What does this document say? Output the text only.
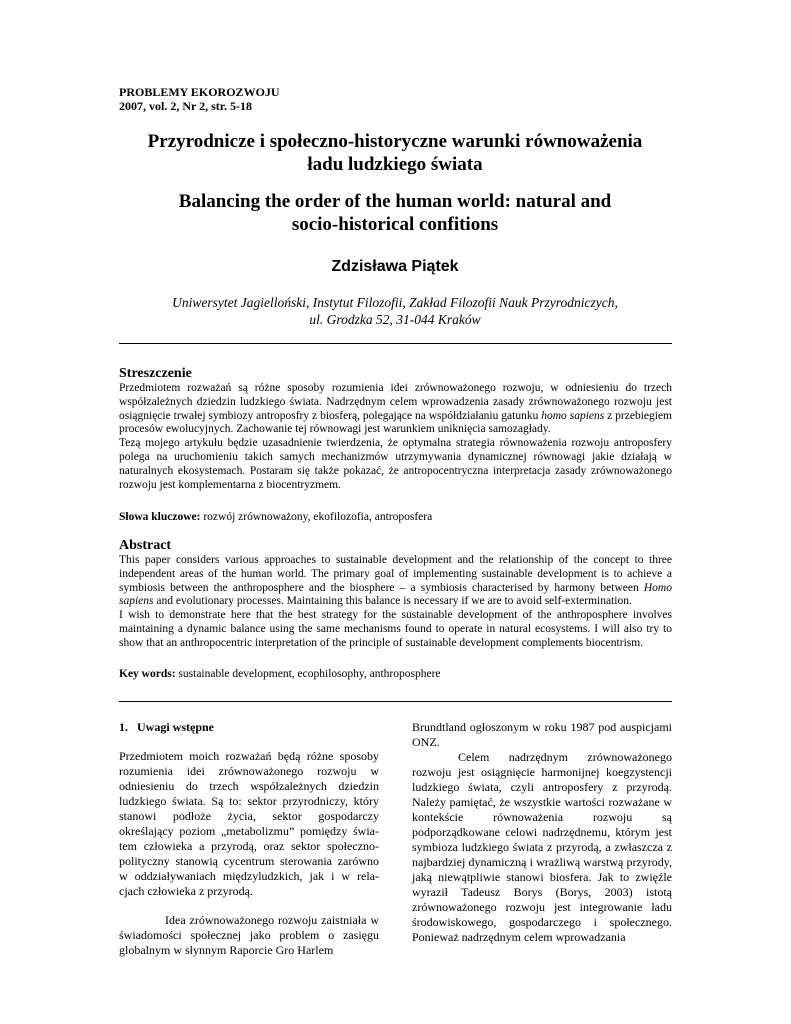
PROBLEMY EKOROZWOJU
2007, vol. 2, Nr 2, str. 5-18
Przyrodnicze i społeczno-historyczne warunki równoważenia
ładu ludzkiego świata
Balancing the order of the human world: natural and
socio-historical confitions
Zdzisława Piątek
Uniwersytet Jagielloński, Instytut Filozofii, Zakład Filozofii Nauk Przyrodniczych,
ul. Grodzka 52, 31-044 Kraków
Streszczenie

Przedmiotem rozważań są różne sposoby rozumienia idei zrównoważonego rozwoju, w odniesieniu do trzech współzależnych dziedzin ludzkiego świata. Nadrzędnym celem wprowadzenia zasady zrównoważonego rozwoju jest osiągnięcie trwałej symbiozy antroposfry z biosferą, polegające na współdziałaniu gatunku homo sapiens z przebiegiem procesów ewolucyjnych. Zachowanie tej równowagi jest warunkiem uniknięcia samozagłady.

Tezą mojego artykułu będzie uzasadnienie twierdzenia, że optymalna strategia równoważenia rozwoju antroposfery polega na uruchomieniu takich samych mechanizmów utrzymywania dynamicznej równowagi jakie działają w naturalnych ekosystemach. Postaram się także pokazać, że antropocentryczna interpretacja zasady zrównoważonego rozwoju jest komplementarna z biocentryzmem.

Słowa kluczowe: rozwój zrównoważony, ekofilozofia, antroposfera
Abstract

This paper considers various approaches to sustainable development and the relationship of the concept to three independent areas of the human world. The primary goal of implementing sustainable development is to achieve a symbiosis between the anthroposphere and the biosphere – a symbiosis characterised by harmony between Homo sapiens and evolutionary processes. Maintaining this balance is necessary if we are to avoid self-extermination.

I wish to demonstrate here that the best strategy for the sustainable development of the anthroposphere involves maintaining a dynamic balance using the same mechanisms found to operate in natural ecosystems. I will also try to show that an anthropocentric interpretation of the principle of sustainable development complements biocentrism.

Key words: sustainable development, ecophilosophy, anthroposphere

1.   Uwagi wstępne

Przedmiotem moich rozważań będą różne sposoby rozumienia idei zrównoważonego rozwoju w odniesieniu do trzech współzależnych dziedzin ludzkiego świata. Są to: sektor przyrodniczy, który stanowi podłoże życia, sektor gospodarczy określający poziom „metabolizmu” pomiędzy świa-tem człowieka a przyrodą, oraz sektor społeczno-polityczny stanowią cycentrum sterowania zarówno w oddziaływaniach międzyludzkich, jak i w rela-cjach człowieka z przyrodą.

Idea zrównoważonego rozwoju zaistniała w świadomości społecznej jako problem o zasięgu globalnym w słynnym Raporcie Gro Harlem

Brundtland ogłoszonym w roku 1987 pod auspicjami ONZ.

Celem nadrzędnym zrównoważonego rozwoju jest osiągnięcie harmonijnej koegzystencji ludzkiego świata, czyli antroposfery z przyrodą. Należy pamiętać, że wszystkie wartości rozważane w kontekście równoważenia rozwoju są podporządkowane celowi nadrzędnemu, którym jest symbioza ludzkiego świata z przyrodą, a zwłaszcza z najbardziej dynamiczną i wrażliwą warstwą przyrody, jaką niewątpliwie stanowi biosfera. Jak to zwięźle wyraził Tadeusz Borys (Borys, 2003) istotą zrównoważonego rozwoju jest integrowanie ładu środowiskowego, gospodarczego i społecznego. Ponieważ nadrzędnym celem wprowadzania
